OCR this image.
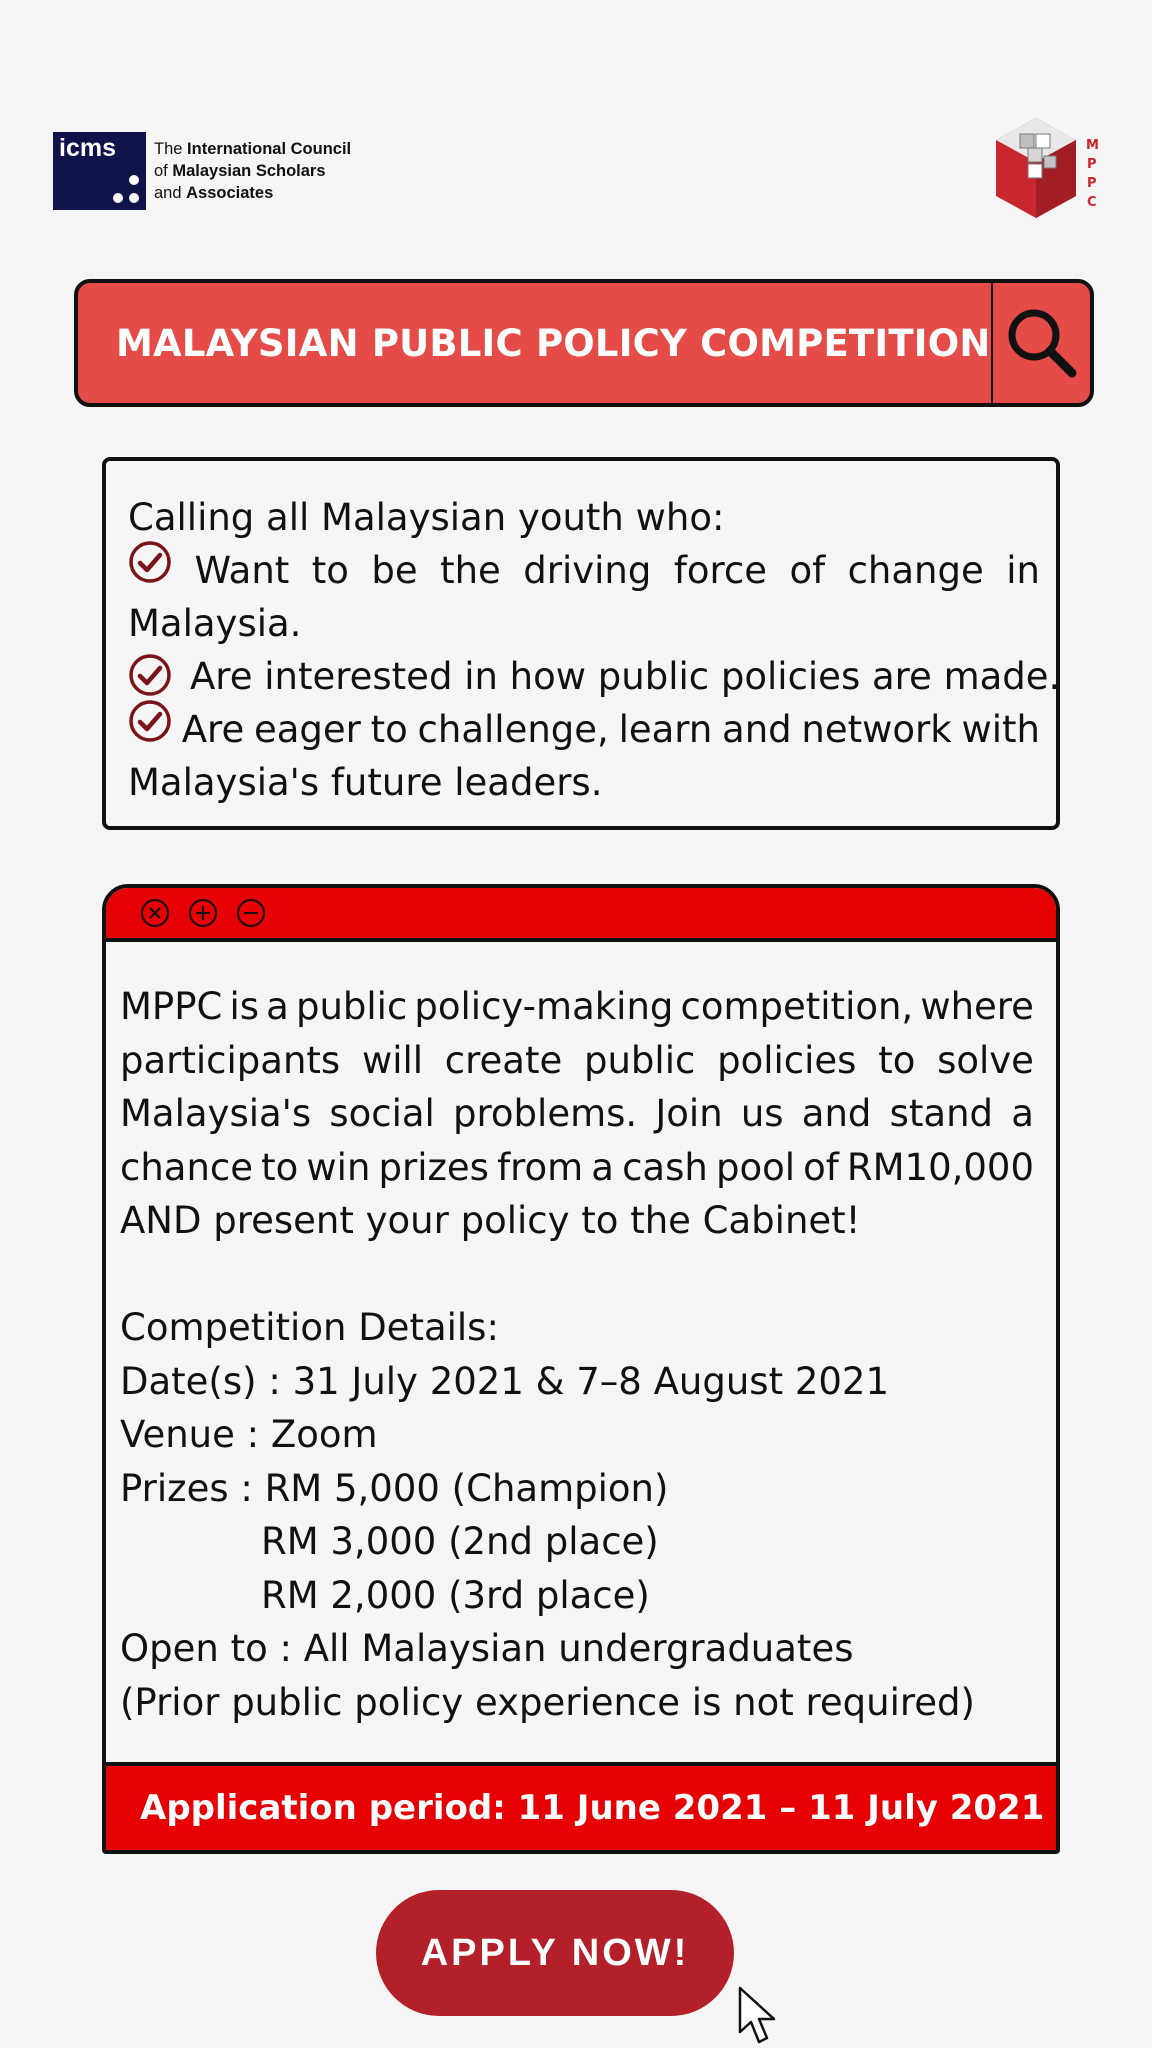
icms The International Council
of Malaysian Scholars
and Associates
M
P
P
C
MALAYSIAN PUBLIC POLICY COMPETITION
Calling all Malaysian youth who:
Want to be the driving force of change in
Malaysia.
Are interested in how public policies are made.
Are eager to challenge, learn and network with
Malaysia's future leaders.
MPPC is a public policy-making competition, where
participants will create public policies to solve
Malaysia's social problems. Join us and stand a
chance to win prizes from a cash pool of RM10,000
AND present your policy to the Cabinet!
Competition Details:
Date(s) : 31 July 2021 & 7–8 August 2021
Venue : Zoom
Prizes : RM 5,000 (Champion)
RM 3,000 (2nd place)
RM 2,000 (3rd place)
Open to : All Malaysian undergraduates
(Prior public policy experience is not required)
Application period: 11 June 2021 – 11 July 2021
APPLY NOW!
